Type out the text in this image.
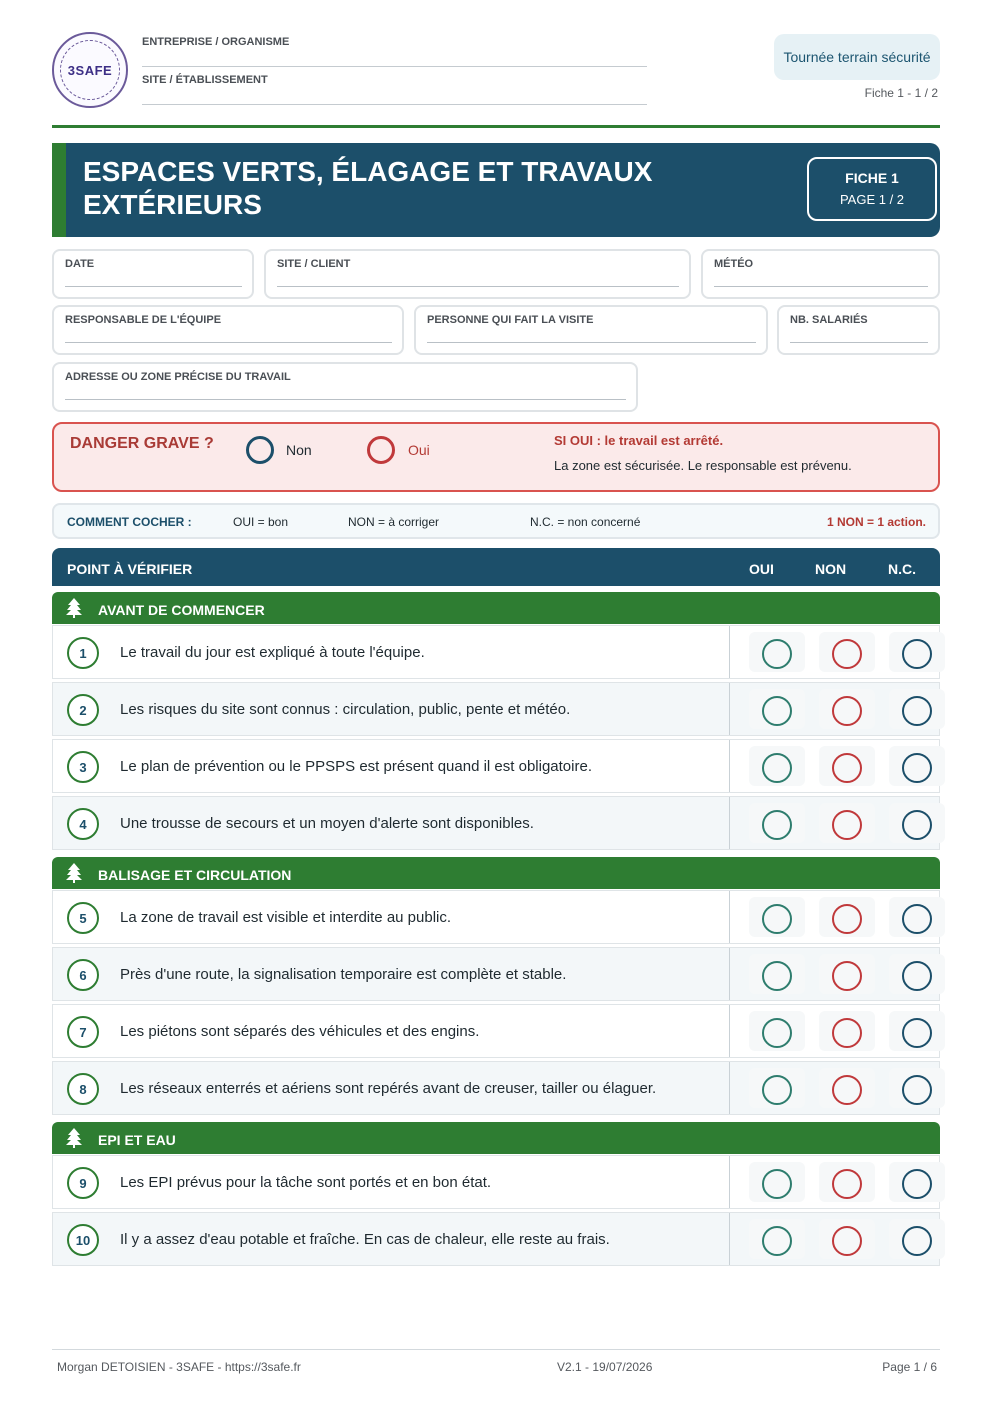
3SAFE
ENTREPRISE / ORGANISME
SITE / ÉTABLISSEMENT
Tournée terrain sécurité
Fiche 1 - 1 / 2
ESPACES VERTS, ÉLAGAGE ET TRAVAUX EXTÉRIEURS
FICHE 1
PAGE 1 / 2
DATE	SITE / CLIENT	MÉTÉO
RESPONSABLE DE L'ÉQUIPE	PERSONNE QUI FAIT LA VISITE	NB. SALARIÉS
ADRESSE OU ZONE PRÉCISE DU TRAVAIL
DANGER GRAVE ?	Non	Oui
SI OUI : le travail est arrêté.
La zone est sécurisée. Le responsable est prévenu.
COMMENT COCHER :	OUI = bon	NON = à corriger	N.C. = non concerné	1 NON = 1 action.
POINT À VÉRIFIER	OUI	NON	N.C.
AVANT DE COMMENCER
1	Le travail du jour est expliqué à toute l'équipe.
2	Les risques du site sont connus : circulation, public, pente et météo.
3	Le plan de prévention ou le PPSPS est présent quand il est obligatoire.
4	Une trousse de secours et un moyen d'alerte sont disponibles.
BALISAGE ET CIRCULATION
5	La zone de travail est visible et interdite au public.
6	Près d'une route, la signalisation temporaire est complète et stable.
7	Les piétons sont séparés des véhicules et des engins.
8	Les réseaux enterrés et aériens sont repérés avant de creuser, tailler ou élaguer.
EPI ET EAU
9	Les EPI prévus pour la tâche sont portés et en bon état.
10	Il y a assez d'eau potable et fraîche. En cas de chaleur, elle reste au frais.
Morgan DETOISIEN - 3SAFE - https://3safe.fr	V2.1 - 19/07/2026	Page 1 / 6
